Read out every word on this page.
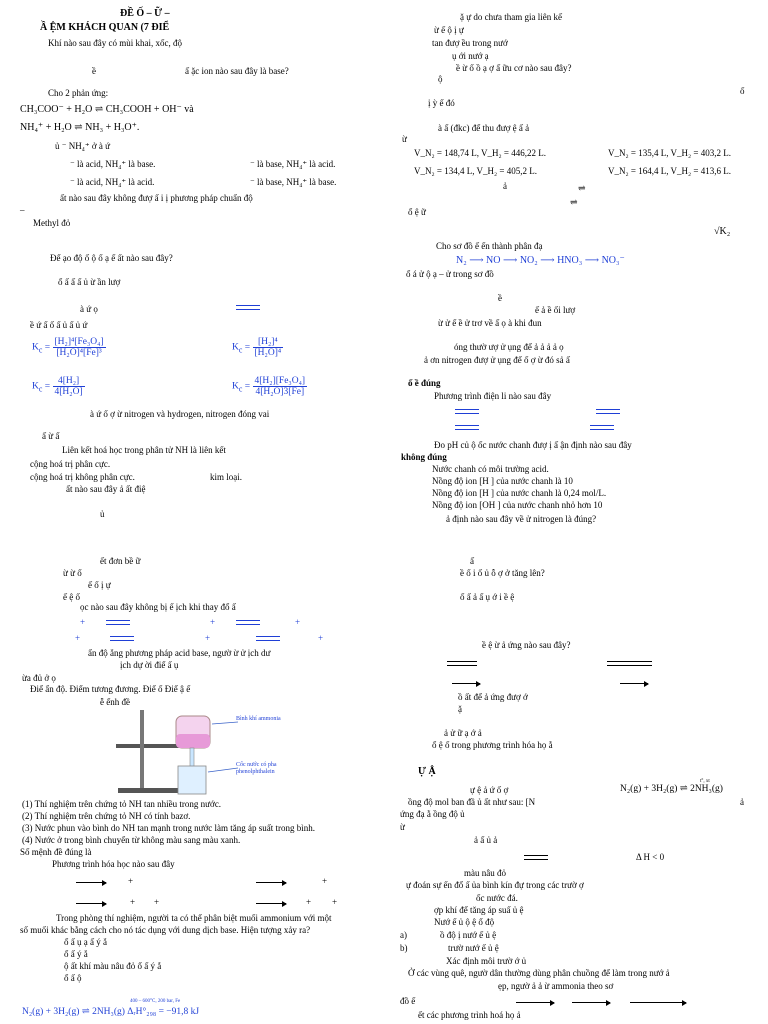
ĐỀ Ố – Ữ –
Ầ ỆM KHÁCH QUAN (7 ĐIỂ
Khí nào sau đây có mùi khai, xốc, độ
ề	ấ ặc ion nào sau đây là base?
Cho 2 phản ứng:
CH₃COO⁻ + H₂O ⇌ CH₃COOH + OH⁻ và
NH₄⁺ + H₂O ⇌ NH₃ + H₃O⁺.
ủ ⁻ NH₄⁺ ở à ứ
⁻ là acid, NH₄⁺ là base.	⁻ là base, NH₄⁺ là acid.
⁻ là acid, NH₄⁺ là acid.	⁻ là base, NH₄⁺ là base.
ất nào sau đây không đượ ấ i ị phương pháp chuẩn độ
–
Methyl đỏ
Để ạo độ ố ộ ố ạ ế ất nào sau đây?
ổ ấ ấ ấ ủ ừ ần lượ
à ứ ọ
ề ứ ấ ố ấ ủ ấ ủ ứ
$K_c = \frac{\text{[H₂]⁴[Fe₃O₄]}}{\text{[H₂O]⁴[Fe]³}}$	$K_c = \frac{\text{[H₂]⁴}}{\text{[H₂O]⁴}}$
$K_c = \frac{\text{4[H₂]}}{\text{4[H₂O]}}$	$K_c = \frac{\text{4[H₂][Fe₃O₄]}}{\text{4[H₂O]3[Fe]}}$
à ứ ố ợ ừ nitrogen và hydrogen, nitrogen đóng vai
ấ ừ ấ
Liên kết hoá học trong phân tử NH là liên kết
cộng hoá trị phân cực.
cộng hoá trị không phân cực.	kim loại.
ất nào sau đây ả ất điệ
ủ
ết đơn bề ữ
ừ ừ ố
ế ố ị ự
ế ệ ố
ọc nào sau đây không bị ế ịch khi thay đổ ấ
+	+	+
+	+	+
ẩn độ ẳng phương pháp acid base, ngườ ừ ử ịch dư
ịch dự ời điể ấ ụ
ừa đủ ở ọ
Điể ẩn độ. Điểm tương đương. Điể ố Điể ậ ế
ễ ểnh đề
Bình khí ammonia
Cốc nước có pha phenolphthalein
(1) Thí nghiệm trên chứng tỏ NH tan nhiều trong nước.
(2) Thí nghiệm trên chứng tỏ NH có tính bazơ.
(3) Nước phun vào bình do NH tan mạnh trong nước làm tăng áp suất trong bình.
(4) Nước ở trong bình chuyển từ không màu sang màu xanh.
Số mệnh đề đúng là
Phương trình hóa học nào sau đây
+	+
+ +	+ +
Trong phòng thí nghiệm, người ta có thể phân biệt muối ammonium với một
số muối khác bằng cách cho nó tác dụng với dung dịch base. Hiện tượng xảy ra?
ổ ấ ụ ạ ấ ý ắ
ổ ấ ý ắ
ộ ất khí màu nâu đỏ ổ ấ ý ắ
ổ ấ ộ
N₂(g) + 3H₂(g) ⇌ 2NH₃(g) ΔᵣH°₂₉₈ = −91,8 kJ
400 – 600°C, 200 bar, Fe
ặ ự do chưa tham gia liên kế
ừ ế ộ ị ự
tan đượ ều trong nướ
ụ ới nướ ạ
ề ừ ố ồ ạ ợ ấ ữu cơ nào sau đây?
ộ
ố
ị ỳ ế đó
à ấ (đkc) để thu đượ ệ ấ ả
ừ
V_N₂ = 148,74 L, V_H₂ = 446,22 L.	V_N₂ = 135,4 L, V_H₂ = 403,2 L.
V_N₂ = 134,4 L, V_H₂ = 405,2 L.	V_N₂ = 164,4 L, V_H₂ = 413,6 L.
ả	⇌
⇌
ổ ệ ữ
√K₂
Cho sơ đồ ế ến thành phân đạ
N₂ ⟶ NO ⟶ NO₂ ⟶ HNO₃ ⟶ NO₃⁻
ổ á ử ộ ạ – ử trong sơ đồ
ề
ế ả ề ối lượ
ừ ử ế ề ử trơ về ấ ọ à khi đun
óng thườ ượ ử ụng để ả ả ả ả ọ
ả ơn nitrogen đượ ử ụng để ố ợ ừ đó sả ấ
ố ề đúng
Phương trình điện li nào sau đây
Đo pH củ ộ ốc nước chanh đượ ị ấ ận định nào sau đây
không đúng
Nước chanh có môi trường acid.
Nồng độ ion [H ] của nước chanh là 10
Nồng độ ion [H ] của nước chanh là 0,24 mol/L.
Nồng độ ion [OH ] của nước chanh nhỏ hơn 10
ả định nào sau đây về ử nitrogen là đúng?
ấ
ề ố i ố ủ ỗ ợ ở tăng lên?
ố ấ ả ấ ụ ớ i ề ệ
ề ệ ừ ả ứng nào sau đây?
ồ ất để ả ứng đượ ớ
ặ
ả ử ữ ạ ớ ả
ổ ệ ố trong phương trình hóa họ ằ
Ự Ậ
ự ệ ả ứ ố ợ	N₂(g) + 3H₂(g) ⇌ 2NH₃(g)
t°, xt
ồng độ mol ban đầ ủ ất như sau: [N
ứng đạ ằ ồng độ ủ
ừ
ả
ả ấ ủ ả
Δ H < 0
màu nâu đỏ
ự đoán sự ến đổ ấ ủa bình kín đự trong các trườ ợ
ốc nước đá.
ợp khí để tăng áp suấ ủ ệ
Nướ ế ủ ộ ệ ổ độ
a)	ồ độ ị nướ ế ủ ệ
b)	trườ nướ ế ủ ệ
Xác định môi trườ ớ ủ
Ở các vùng quê, ngườ dân thường dùng phân chuồng để làm trong nướ ả
ẹp, ngườ ả ả ừ ammonia theo sơ
đồ ế
ết các phương trình hoá họ ả
